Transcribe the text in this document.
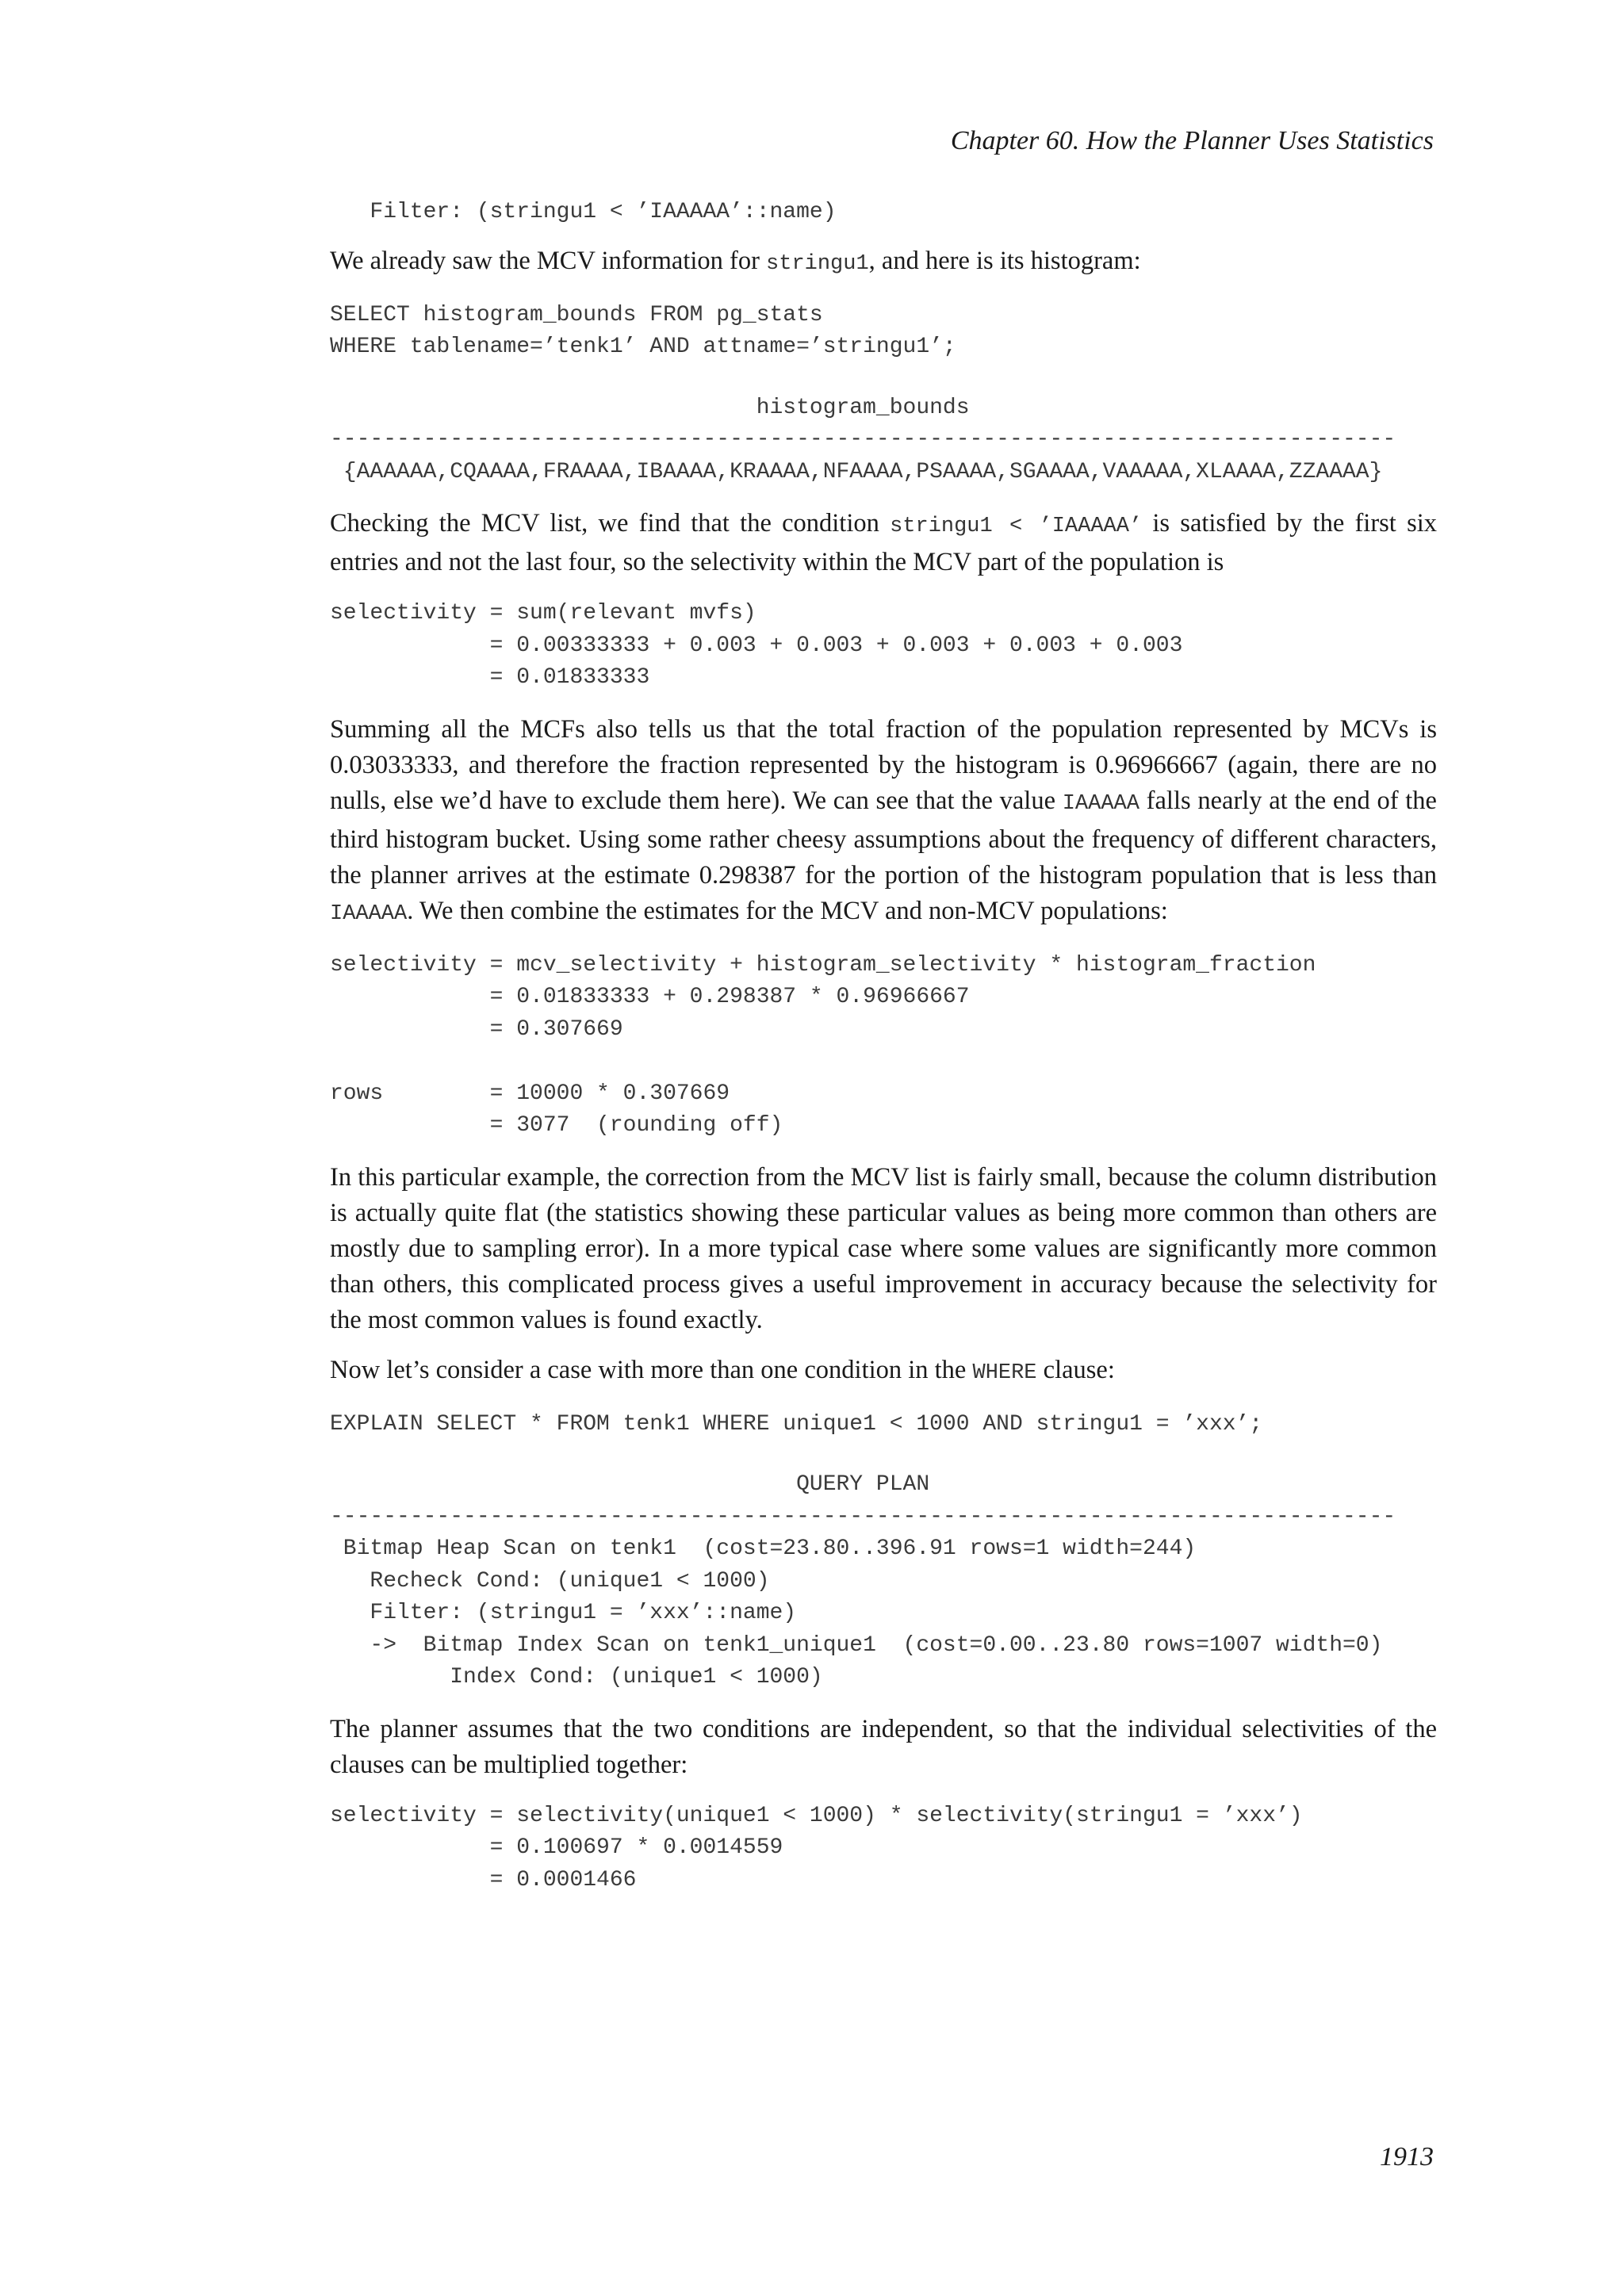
Chapter 60. How the Planner Uses Statistics
Filter: (stringu1 < ’IAAAAA’::name)

We already saw the MCV information for stringu1, and here is its histogram:

SELECT histogram_bounds FROM pg_stats
WHERE tablename=’tenk1’ AND attname=’stringu1’;
histogram_bounds
--------------------------------------------------------------------------------
{AAAAAA,CQAAAA,FRAAAA,IBAAAA,KRAAAA,NFAAAA,PSAAAA,SGAAAA,VAAAAA,XLAAAA,ZZAAAA}

Checking the MCV list, we find that the condition stringu1 < ’IAAAAA’ is satisfied by the first six entries and not the last four, so the selectivity within the MCV part of the population is

selectivity = sum(relevant mvfs)
= 0.00333333 + 0.003 + 0.003 + 0.003 + 0.003 + 0.003
= 0.01833333

Summing all the MCFs also tells us that the total fraction of the population represented by MCVs is 0.03033333, and therefore the fraction represented by the histogram is 0.96966667 (again, there are no nulls, else we’d have to exclude them here). We can see that the value IAAAAA falls nearly at the end of the third histogram bucket. Using some rather cheesy assumptions about the frequency of different characters, the planner arrives at the estimate 0.298387 for the portion of the histogram population that is less than IAAAAA. We then combine the estimates for the MCV and non-MCV populations:

selectivity = mcv_selectivity + histogram_selectivity * histogram_fraction
= 0.01833333 + 0.298387 * 0.96966667
= 0.307669

rows        = 10000 * 0.307669
= 3077  (rounding off)

In this particular example, the correction from the MCV list is fairly small, because the column distribution is actually quite flat (the statistics showing these particular values as being more common than others are mostly due to sampling error). In a more typical case where some values are significantly more common than others, this complicated process gives a useful improvement in accuracy because the selectivity for the most common values is found exactly.

Now let’s consider a case with more than one condition in the WHERE clause:

EXPLAIN SELECT * FROM tenk1 WHERE unique1 < 1000 AND stringu1 = ’xxx’;
QUERY PLAN
--------------------------------------------------------------------------------
Bitmap Heap Scan on tenk1  (cost=23.80..396.91 rows=1 width=244)
Recheck Cond: (unique1 < 1000)
Filter: (stringu1 = ’xxx’::name)
->  Bitmap Index Scan on tenk1_unique1  (cost=0.00..23.80 rows=1007 width=0)
Index Cond: (unique1 < 1000)

The planner assumes that the two conditions are independent, so that the individual selectivities of the clauses can be multiplied together:

selectivity = selectivity(unique1 < 1000) * selectivity(stringu1 = ’xxx’)
= 0.100697 * 0.0014559
= 0.0001466
1913
